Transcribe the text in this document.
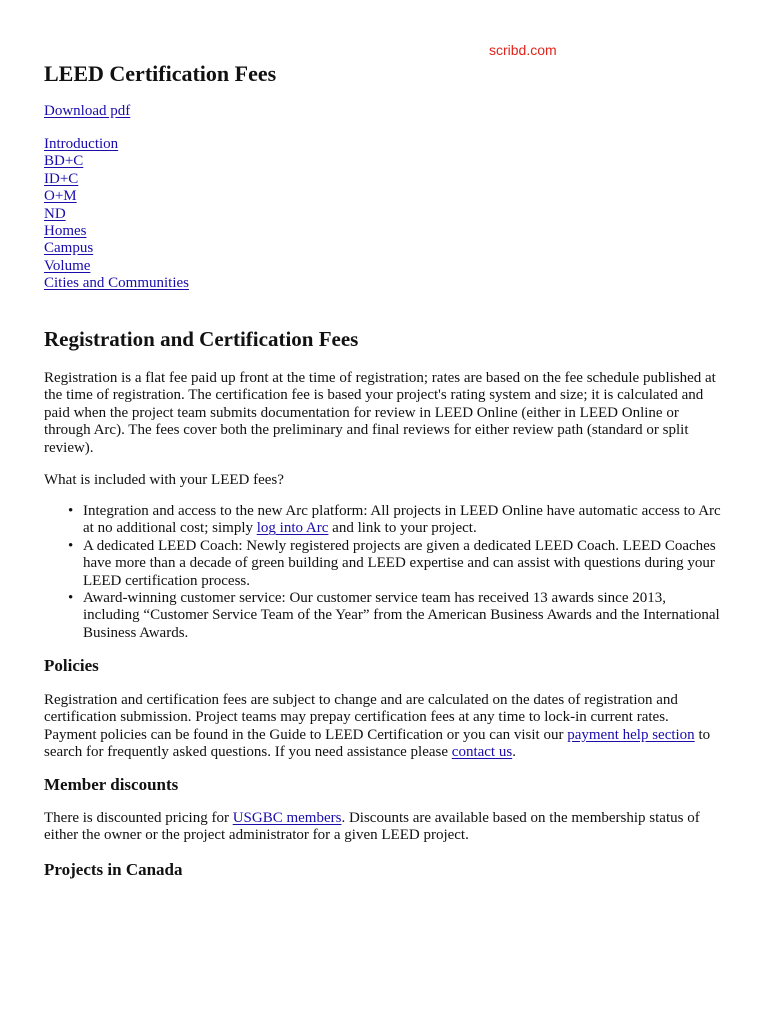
scribd.com
LEED Certification Fees
Download pdf
Introduction
BD+C
ID+C
O+M
ND
Homes
Campus
Volume
Cities and Communities
Registration and Certification Fees

Registration is a flat fee paid up front at the time of registration; rates are based on the fee schedule published at the time of registration. The certification fee is based your project's rating system and size; it is calculated and paid when the project team submits documentation for review in LEED Online (either in LEED Online or through Arc). The fees cover both the preliminary and final reviews for either review path (standard or split review).

What is included with your LEED fees?

• Integration and access to the new Arc platform: All projects in LEED Online have automatic access to Arc at no additional cost; simply log into Arc and link to your project.
• A dedicated LEED Coach: Newly registered projects are given a dedicated LEED Coach. LEED Coaches have more than a decade of green building and LEED expertise and can assist with questions during your LEED certification process.
• Award-winning customer service: Our customer service team has received 13 awards since 2013, including “Customer Service Team of the Year” from the American Business Awards and the International Business Awards.
Policies

Registration and certification fees are subject to change and are calculated on the dates of registration and certification submission. Project teams may prepay certification fees at any time to lock-in current rates. Payment policies can be found in the Guide to LEED Certification or you can visit our payment help section to search for frequently asked questions. If you need assistance please contact us.

Member discounts

There is discounted pricing for USGBC members. Discounts are available based on the membership status of either the owner or the project administrator for a given LEED project.

Projects in Canada
